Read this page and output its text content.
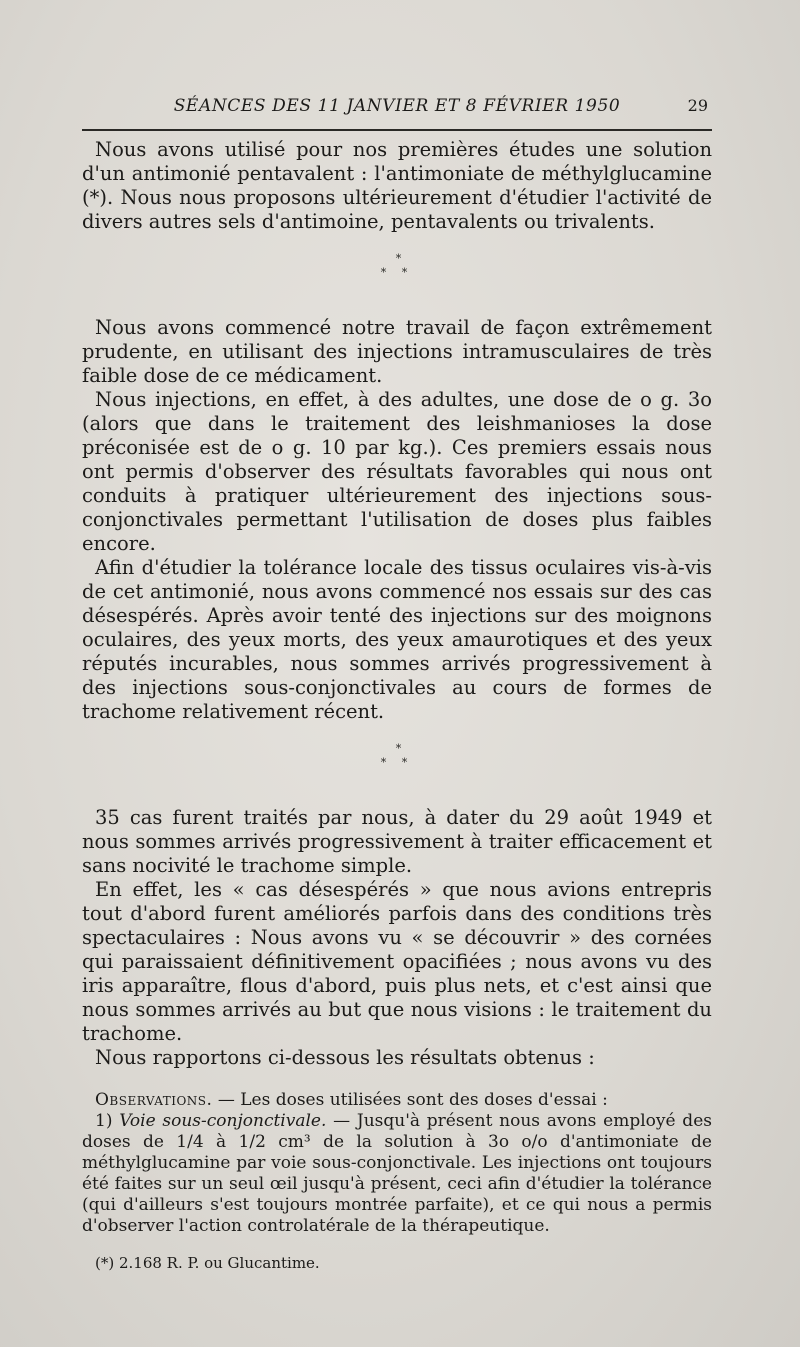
SÉANCES DES 11 JANVIER ET 8 FÉVRIER 1950	29

Nous avons utilisé pour nos premières études une solution d'un antimonié pentavalent : l'antimoniate de méthylglucamine (*). Nous nous proposons ultérieurement d'étudier l'activité de divers autres sels d'antimoine, pentavalents ou trivalents.

*
* *

Nous avons commencé notre travail de façon extrêmement prudente, en utilisant des injections intramusculaires de très faible dose de ce médicament.

Nous injections, en effet, à des adultes, une dose de o g. 3o (alors que dans le traitement des leishmanioses la dose préconisée est de o g. 10 par kg.). Ces premiers essais nous ont permis d'observer des résultats favorables qui nous ont conduits à pratiquer ultérieurement des injections sous-conjonctivales permettant l'utilisation de doses plus faibles encore.

Afin d'étudier la tolérance locale des tissus oculaires vis-à-vis de cet antimonié, nous avons commencé nos essais sur des cas désespérés. Après avoir tenté des injections sur des moignons oculaires, des yeux morts, des yeux amaurotiques et des yeux réputés incurables, nous sommes arrivés progressivement à des injections sous-conjonctivales au cours de formes de trachome relativement récent.

*
* *

35 cas furent traités par nous, à dater du 29 août 1949 et nous sommes arrivés progressivement à traiter efficacement et sans nocivité le trachome simple.

En effet, les « cas désespérés » que nous avions entrepris tout d'abord furent améliorés parfois dans des conditions très spectaculaires : Nous avons vu « se découvrir » des cornées qui paraissaient définitivement opacifiées ; nous avons vu des iris apparaître, flous d'abord, puis plus nets, et c'est ainsi que nous sommes arrivés au but que nous visions : le traitement du trachome.

Nous rapportons ci-dessous les résultats obtenus :

Observations. — Les doses utilisées sont des doses d'essai :

1) Voie sous-conjonctivale. — Jusqu'à présent nous avons employé des doses de 1/4 à 1/2 cm³ de la solution à 3o o/o d'antimoniate de méthylglucamine par voie sous-conjonctivale. Les injections ont toujours été faites sur un seul œil jusqu'à présent, ceci afin d'étudier la tolérance (qui d'ailleurs s'est toujours montrée parfaite), et ce qui nous a permis d'observer l'action controlatérale de la thérapeutique.

(*) 2.168 R. P. ou Glucantime.
